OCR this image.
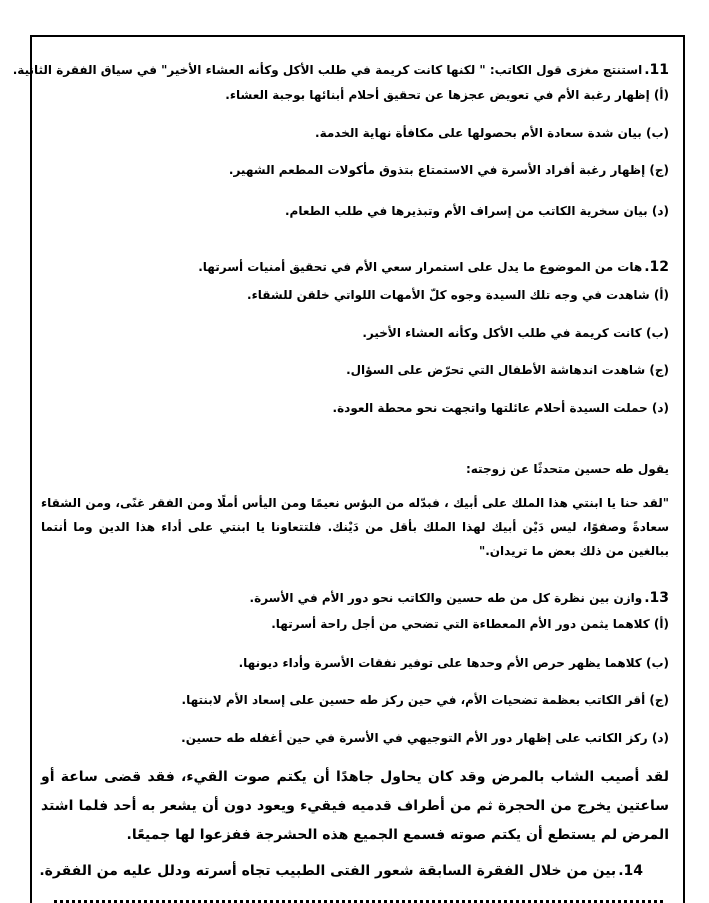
11.استنتج مغزى قول الكاتب: " لكنها كانت كريمة في طلب الأكل وكأنه العشاء الأخير" في سياق الفقرة الثانية.
(أ) إظهار رغبة الأم في تعويض عجزها عن تحقيق أحلام أبنائها بوجبة العشاء.
(ب) بيان شدة سعادة الأم بحصولها على مكافأة نهاية الخدمة.
(ج) إظهار رغبة أفراد الأسرة في الاستمتاع بتذوق مأكولات المطعم الشهير.
(د) بيان سخرية الكاتب من إسراف الأم وتبذيرها في طلب الطعام.
12.هات من الموضوع ما يدل على استمرار سعي الأم في تحقيق أمنيات أسرتها.
(أ) شاهدت في وجه تلك السيدة وجوه كلّ الأمهات اللواتي خلقن للشقاء.
(ب) كانت كريمة في طلب الأكل وكأنه العشاء الأخير.
(ج) شاهدت اندهاشة الأطفال التي تحرّض على السؤال.
(د) حملت السيدة أحلام عائلتها واتجهت نحو محطة العودة.
يقول طه حسين متحدثًا عن زوجته:
"لقد حنا يا ابنتي هذا الملك على أبيك ، فبدّله من البؤس نعيمًا ومن اليأس أملًا ومن الفقر غنًى، ومن الشقاء سعادةً وصفوًا، ليس دَيْن أبيك لهذا الملك بأقل من دَيْنك. فلتتعاونا يا ابنتي على أداء هذا الدين وما أنتما ببالغين من ذلك بعض ما تريدان."
13.وازن بين نظرة كل من طه حسين والكاتب نحو دور الأم في الأسرة.
(أ) كلاهما يثمن دور الأم المعطاءة التي تضحي من أجل راحة أسرتها.
(ب) كلاهما يظهر حرص الأم وحدها على توفير نفقات الأسرة وأداء ديونها.
(ج) أقر الكاتب بعظمة تضحيات الأم، في حين ركز طه حسين على إسعاد الأم لابنتها.
(د) ركز الكاتب على إظهار دور الأم التوجيهي في الأسرة في حين أغفله طه حسين.
لقد أصيب الشاب بالمرض وقد كان يحاول جاهدًا أن يكتم صوت القيء، فقد قضى ساعة أو ساعتين يخرج من الحجرة ثم من أطراف قدميه فيقيء ويعود دون أن يشعر به أحد فلما اشتد المرض لم يستطع أن يكتم صوته فسمع الجميع هذه الحشرجة ففزعوا لها جميعًا.
14.بين من خلال الفقرة السابقة شعور الفتى الطبيب تجاه أسرته ودلل عليه من الفقرة.
